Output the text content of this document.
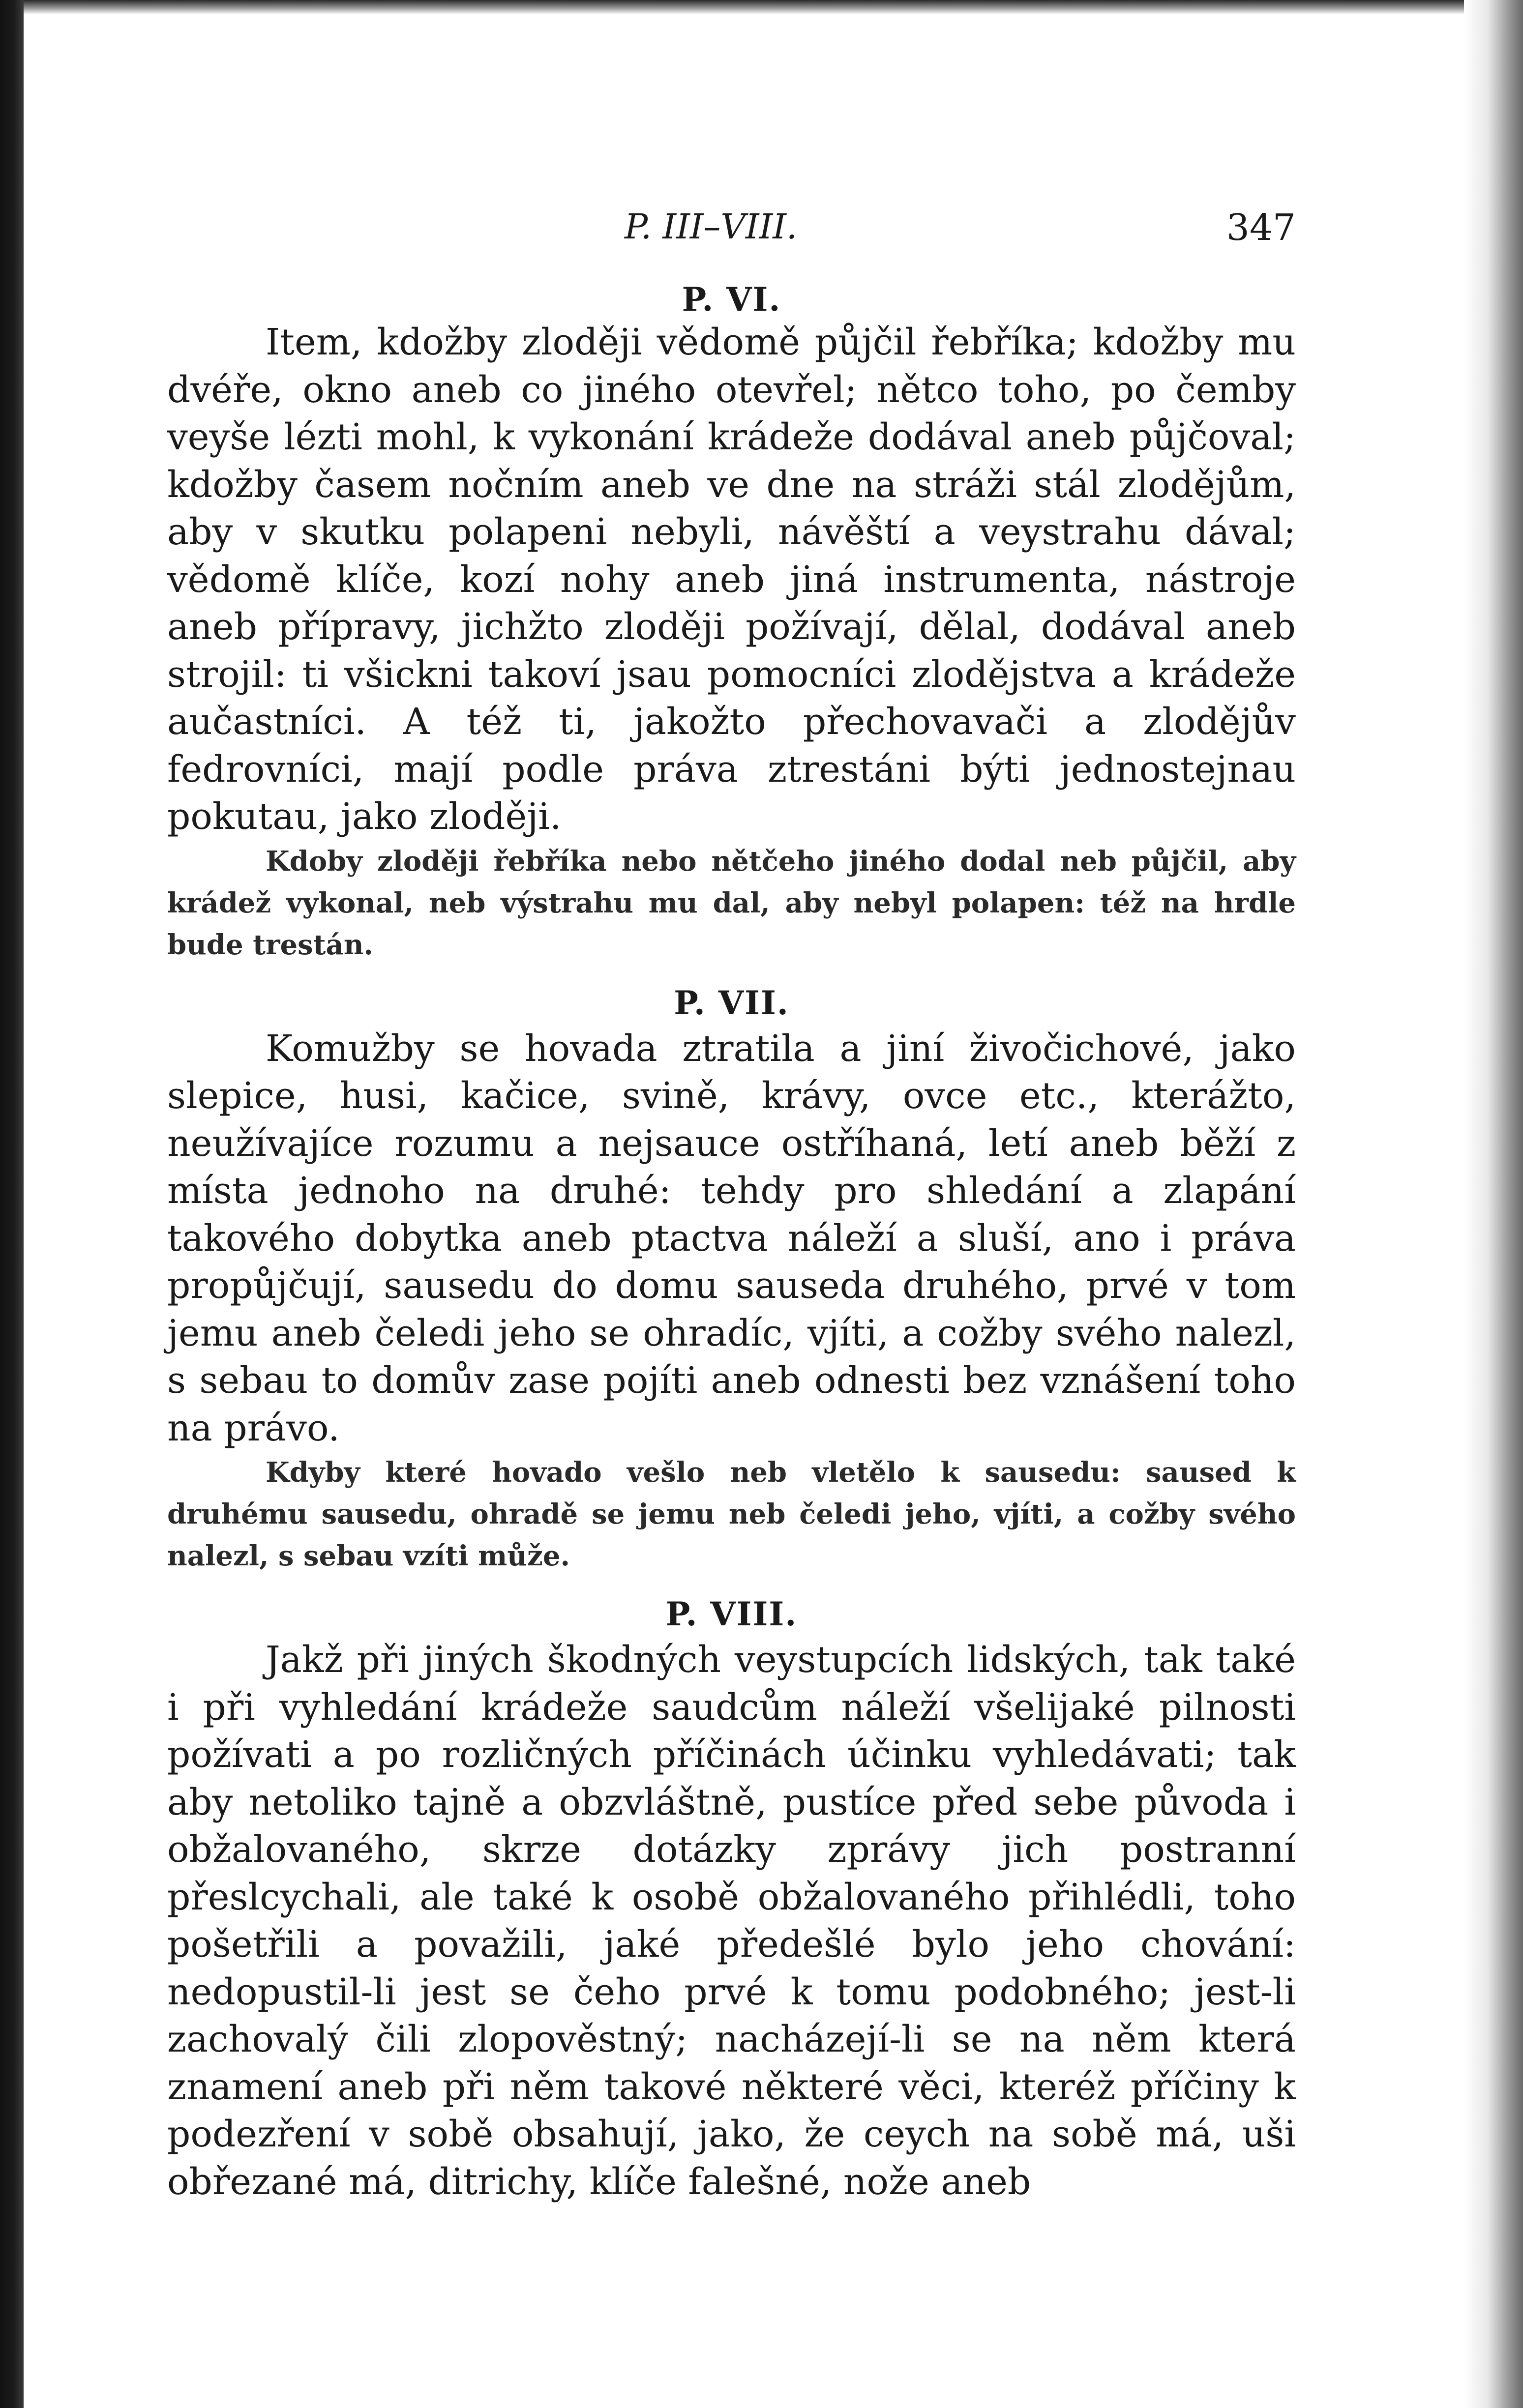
P. III–VIII.	347
P. VI.

Item, kdožby zloději vědomě půjčil řebříka; kdožby mu dvéře, okno aneb co jiného otevřel; nětco toho, po čemby veyše lézti mohl, k vykonání krádeže dodával aneb půjčoval; kdožby časem nočním aneb ve dne na stráži stál zlodějům, aby v skutku polapeni nebyli, návěští a veystrahu dával; vědomě klíče, kozí nohy aneb jiná instrumenta, nástroje aneb přípravy, jichžto zloději požívají, dělal, dodával aneb strojil: ti všickni takoví jsau pomocníci zlodějstva a krádeže aučastníci. A též ti, jakožto přechovavači a zlodějův fedrovníci, mají podle práva ztrestáni býti jednostejnau pokutau, jako zloději.

Kdoby zloději řebříka nebo nětčeho jiného dodal neb půjčil, aby krádež vykonal, neb výstrahu mu dal, aby nebyl polapen: též na hrdle bude trestán.

P. VII.

Komužby se hovada ztratila a jiní živočichové, jako slepice, husi, kačice, svině, krávy, ovce etc., kterážto, neužívajíce rozumu a nejsauce ostříhaná, letí aneb běží z místa jednoho na druhé: tehdy pro shledání a zlapání takového dobytka aneb ptactva náleží a sluší, ano i práva propůjčují, sausedu do domu sauseda druhého, prvé v tom jemu aneb čeledi jeho se ohradíc, vjíti, a cožby svého nalezl, s sebau to domův zase pojíti aneb odnesti bez vznášení toho na právo.

Kdyby které hovado vešlo neb vletělo k sausedu: saused k druhému sausedu, ohradě se jemu neb čeledi jeho, vjíti, a cožby svého nalezl, s sebau vzíti může.

P. VIII.

Jakž při jiných škodných veystupcích lidských, tak také i při vyhledání krádeže saudcům náleží všelijaké pilnosti požívati a po rozličných příčinách účinku vyhledávati; tak aby netoliko tajně a obzvláštně, pustíce před sebe původa i obžalovaného, skrze dotázky zprávy jich postranní přeslcychali, ale také k osobě obžalovaného přihlédli, toho pošetřili a považili, jaké předešlé bylo jeho chování: nedopustil-li jest se čeho prvé k tomu podobného; jest-li zachovalý čili zlopověstný; nacházejí-li se na něm která znamení aneb při něm takové některé věci, kteréž příčiny k podezření v sobě obsahují, jako, že ceych na sobě má, uši obřezané má, ditrichy, klíče falešné, nože aneb
